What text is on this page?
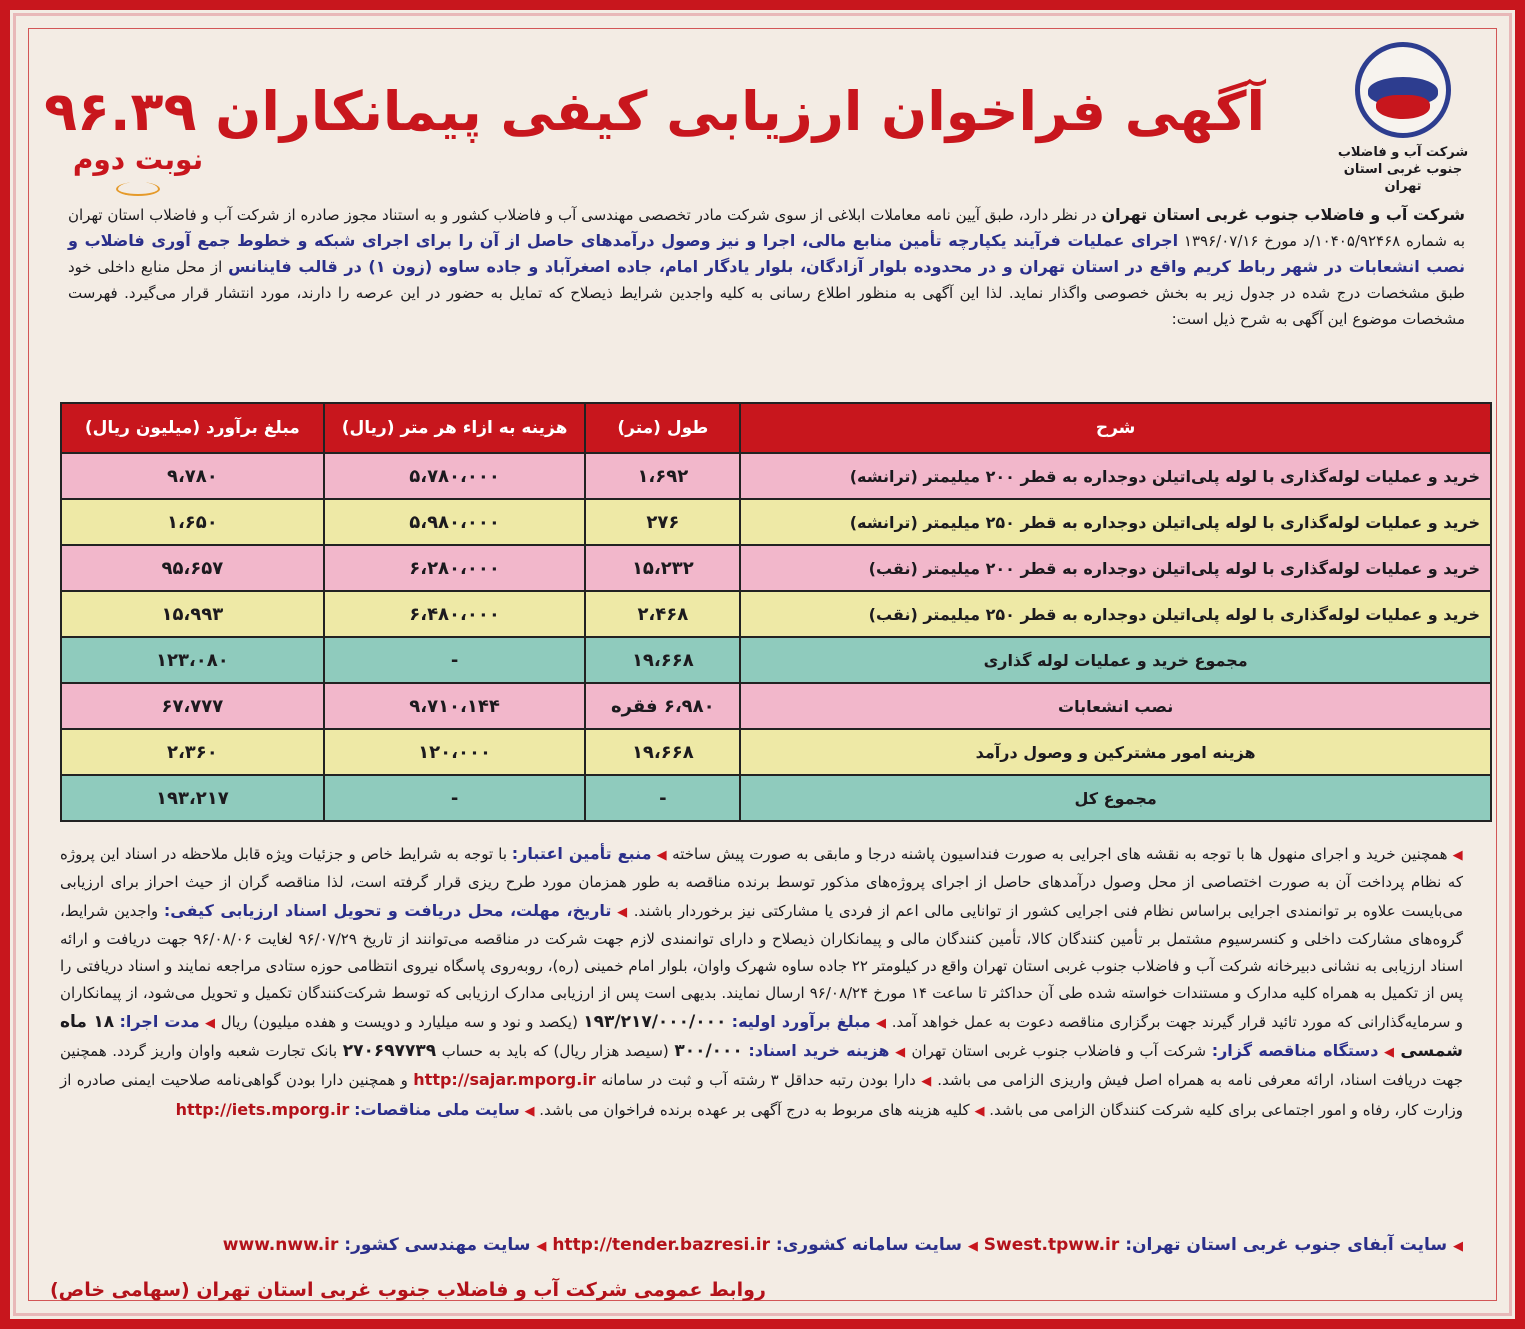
شرکت آب و فاضلاب
جنوب غربی استان تهران
آگهی فراخوان ارزیابی کیفی پیمانکاران ۹۶.۳۹
نوبت دوم
شرکت آب و فاضلاب جنوب غربی استان تهران در نظر دارد، طبق آیین نامه معاملات ابلاغی از سوی شرکت مادر تخصصی مهندسی آب و فاضلاب کشور و به استناد مجوز صادره از شرکت آب و فاضلاب استان تهران به شماره ۱۰۴۰۵/۹۲۴۶۸/د مورخ ۱۳۹۶/۰۷/۱۶ اجرای عملیات فرآیند یکپارچه تأمین منابع مالی، اجرا و نیز وصول درآمدهای حاصل از آن را برای اجرای شبکه و خطوط جمع آوری فاضلاب و نصب انشعابات در شهر رباط کریم واقع در استان تهران و در محدوده بلوار آزادگان، بلوار یادگار امام، جاده اصغرآباد و جاده ساوه (زون ۱) در قالب فاینانس از محل منابع داخلی خود طبق مشخصات درج شده در جدول زیر به بخش خصوصی واگذار نماید. لذا این آگهی به منظور اطلاع رسانی به کلیه واجدین شرایط ذیصلاح که تمایل به حضور در این عرصه را دارند، مورد انتشار قرار می‌گیرد. فهرست مشخصات موضوع این آگهی به شرح ذیل است:
شرح	طول (متر)	هزینه به ازاء هر متر (ریال)	مبلغ برآورد (میلیون ریال)
خرید و عملیات لوله‌گذاری با لوله پلی‌اتیلن دوجداره به قطر ۲۰۰ میلیمتر (ترانشه)	۱،۶۹۲	۵،۷۸۰،۰۰۰	۹،۷۸۰
خرید و عملیات لوله‌گذاری با لوله پلی‌اتیلن دوجداره به قطر ۲۵۰ میلیمتر (ترانشه)	۲۷۶	۵،۹۸۰،۰۰۰	۱،۶۵۰
خرید و عملیات لوله‌گذاری با لوله پلی‌اتیلن دوجداره به قطر ۲۰۰ میلیمتر (نقب)	۱۵،۲۳۲	۶،۲۸۰،۰۰۰	۹۵،۶۵۷
خرید و عملیات لوله‌گذاری با لوله پلی‌اتیلن دوجداره به قطر ۲۵۰ میلیمتر (نقب)	۲،۴۶۸	۶،۴۸۰،۰۰۰	۱۵،۹۹۳
مجموع خرید و عملیات لوله گذاری	۱۹،۶۶۸	-	۱۲۳،۰۸۰
نصب انشعابات	۶،۹۸۰ فقره	۹،۷۱۰،۱۴۴	۶۷،۷۷۷
هزینه امور مشترکین و وصول درآمد	۱۹،۶۶۸	۱۲۰،۰۰۰	۲،۳۶۰
مجموع کل	-	-	۱۹۳،۲۱۷
◀ همچنین خرید و اجرای منهول ها با توجه به نقشه های اجرایی به صورت فنداسیون پاشنه درجا و مابقی به صورت پیش ساخته ◀ منبع تأمین اعتبار: با توجه به شرایط خاص و جزئیات ویژه قابل ملاحظه در اسناد این پروژه که نظام پرداخت آن به صورت اختصاصی از محل وصول درآمدهای حاصل از اجرای پروژه‌های مذکور توسط برنده مناقصه به طور همزمان مورد طرح ریزی قرار گرفته است، لذا مناقصه گران از حیث احراز برای ارزیابی می‌بایست علاوه بر توانمندی اجرایی براساس نظام فنی اجرایی کشور از توانایی مالی اعم از فردی یا مشارکتی نیز برخوردار باشند. ◀ تاریخ، مهلت، محل دریافت و تحویل اسناد ارزیابی کیفی: واجدین شرایط، گروه‌های مشارکت داخلی و کنسرسیوم مشتمل بر تأمین کنندگان کالا، تأمین کنندگان مالی و پیمانکاران ذیصلاح و دارای توانمندی لازم جهت شرکت در مناقصه می‌توانند از تاریخ ۹۶/۰۷/۲۹ لغایت ۹۶/۰۸/۰۶ جهت دریافت و ارائه اسناد ارزیابی به نشانی دبیرخانه شرکت آب و فاضلاب جنوب غربی استان تهران واقع در کیلومتر ۲۲ جاده ساوه شهرک واوان، بلوار امام خمینی (ره)، روبه‌روی پاسگاه نیروی انتظامی حوزه ستادی مراجعه نمایند و اسناد دریافتی را پس از تکمیل به همراه کلیه مدارک و مستندات خواسته شده طی آن حداکثر تا ساعت ۱۴ مورخ ۹۶/۰۸/۲۴ ارسال نمایند. بدیهی است پس از ارزیابی مدارک ارزیابی که توسط شرکت‌کنندگان تکمیل و تحویل می‌شود، از پیمانکاران و سرمایه‌گذارانی که مورد تائید قرار گیرند جهت برگزاری مناقصه دعوت به عمل خواهد آمد. ◀ مبلغ برآورد اولیه: ۱۹۳/۲۱۷/۰۰۰/۰۰۰ (یکصد و نود و سه میلیارد و دویست و هفده میلیون) ریال ◀ مدت اجرا: ۱۸ ماه شمسی ◀ دستگاه مناقصه گزار: شرکت آب و فاضلاب جنوب غربی استان تهران ◀ هزینه خرید اسناد: ۳۰۰/۰۰۰ (سیصد هزار ریال) که باید به حساب ۲۷۰۶۹۷۷۳۹ بانک تجارت شعبه واوان واریز گردد. همچنین جهت دریافت اسناد، ارائه معرفی نامه به همراه اصل فیش واریزی الزامی می باشد. ◀ دارا بودن رتبه حداقل ۳ رشته آب و ثبت در سامانه http://sajar.mporg.ir و همچنین دارا بودن گواهی‌نامه صلاحیت ایمنی صادره از وزارت کار، رفاه و امور اجتماعی برای کلیه شرکت کنندگان الزامی می باشد. ◀ کلیه هزینه های مربوط به درج آگهی بر عهده برنده فراخوان می باشد. ◀ سایت ملی مناقصات: http://iets.mporg.ir
◀ سایت آبفای جنوب غربی استان تهران: Swest.tpww.ir ◀ سایت سامانه کشوری: http://tender.bazresi.ir ◀ سایت مهندسی کشور: www.nww.ir
روابط عمومی شرکت آب و فاضلاب جنوب غربی استان تهران (سهامی خاص)
